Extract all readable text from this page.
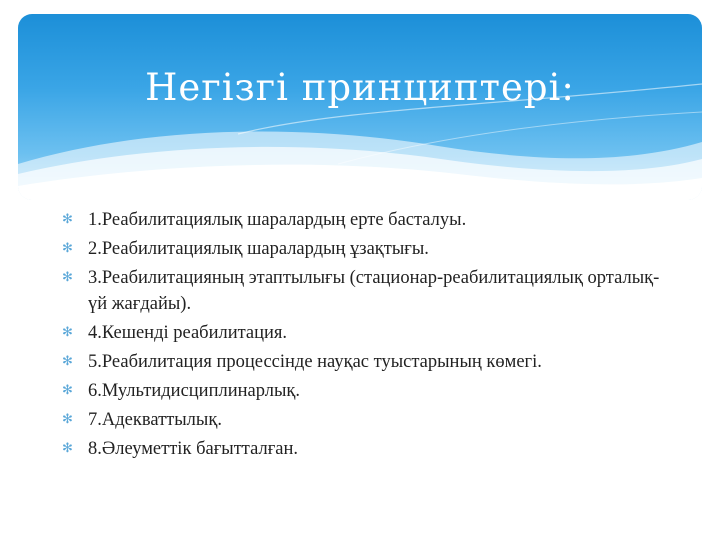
Негізгі принциптері:
✻ 1.Реабилитациялық шаралардың ерте басталуы.
✻ 2.Реабилитациялық шаралардың ұзақтығы.
✻ 3.Реабилитацияның этаптылығы (стационар-реабилитациялық орталық-үй жағдайы).
✻ 4.Кешенді реабилитация.
✻ 5.Реабилитация процессінде науқас туыстарының көмегі.
✻ 6.Мультидисциплинарлық.
✻ 7.Адекваттылық.
✻ 8.Әлеуметтік бағытталған.
